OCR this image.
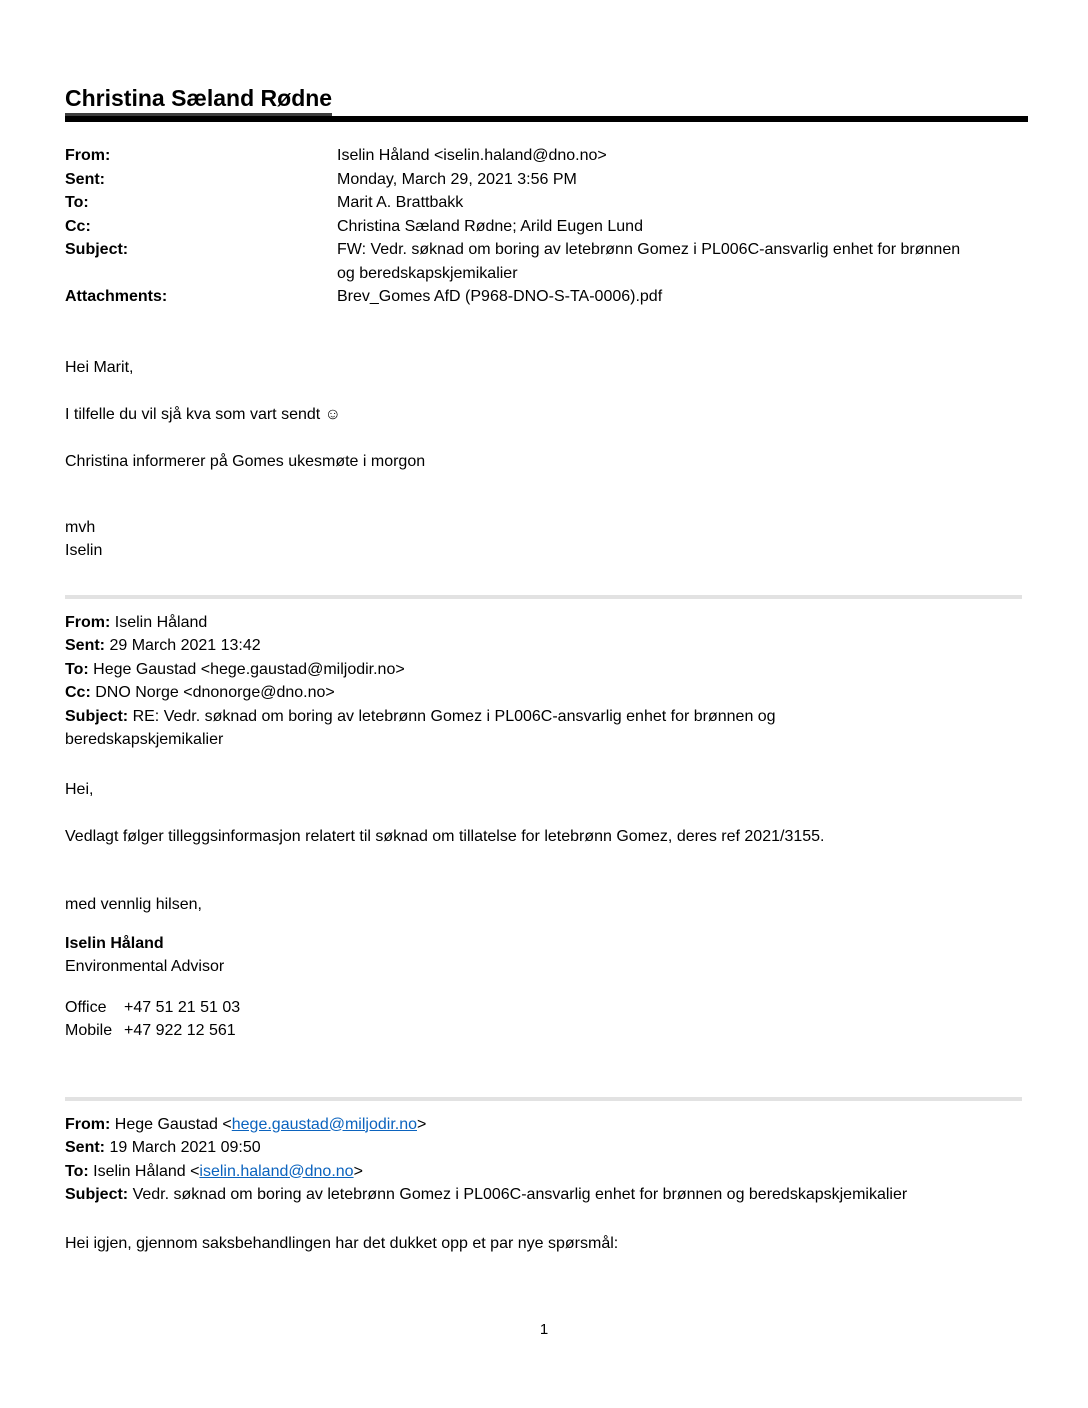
Christina Sæland Rødne
From:	Iselin Håland <iselin.haland@dno.no>
Sent:	Monday, March 29, 2021 3:56 PM
To:	Marit A. Brattbakk
Cc:	Christina Sæland Rødne; Arild Eugen Lund
Subject:	FW: Vedr. søknad om boring av letebrønn Gomez i PL006C-ansvarlig enhet for brønnen og beredskapskjemikalier
Attachments:	Brev_Gomes AfD (P968-DNO-S-TA-0006).pdf

Hei Marit,

I tilfelle du vil sjå kva som vart sendt ☺

Christina informerer på Gomes ukesmøte i morgon

mvh

Iselin

From: Iselin Håland

Sent: 29 March 2021 13:42

To: Hege Gaustad <hege.gaustad@miljodir.no>

Cc: DNO Norge <dnonorge@dno.no>

Subject: RE: Vedr. søknad om boring av letebrønn Gomez i PL006C-ansvarlig enhet for brønnen og beredskapskjemikalier

Hei,

Vedlagt følger tilleggsinformasjon relatert til søknad om tillatelse for letebrønn Gomez, deres ref 2021/3155.

med vennlig hilsen,

Iselin Håland

Environmental Advisor

Office +47 51 21 51 03

Mobile +47 922 12 561

From: Hege Gaustad <hege.gaustad@miljodir.no>

Sent: 19 March 2021 09:50

To: Iselin Håland <iselin.haland@dno.no>

Subject: Vedr. søknad om boring av letebrønn Gomez i PL006C-ansvarlig enhet for brønnen og beredskapskjemikalier

Hei igjen, gjennom saksbehandlingen har det dukket opp et par nye spørsmål:

1
